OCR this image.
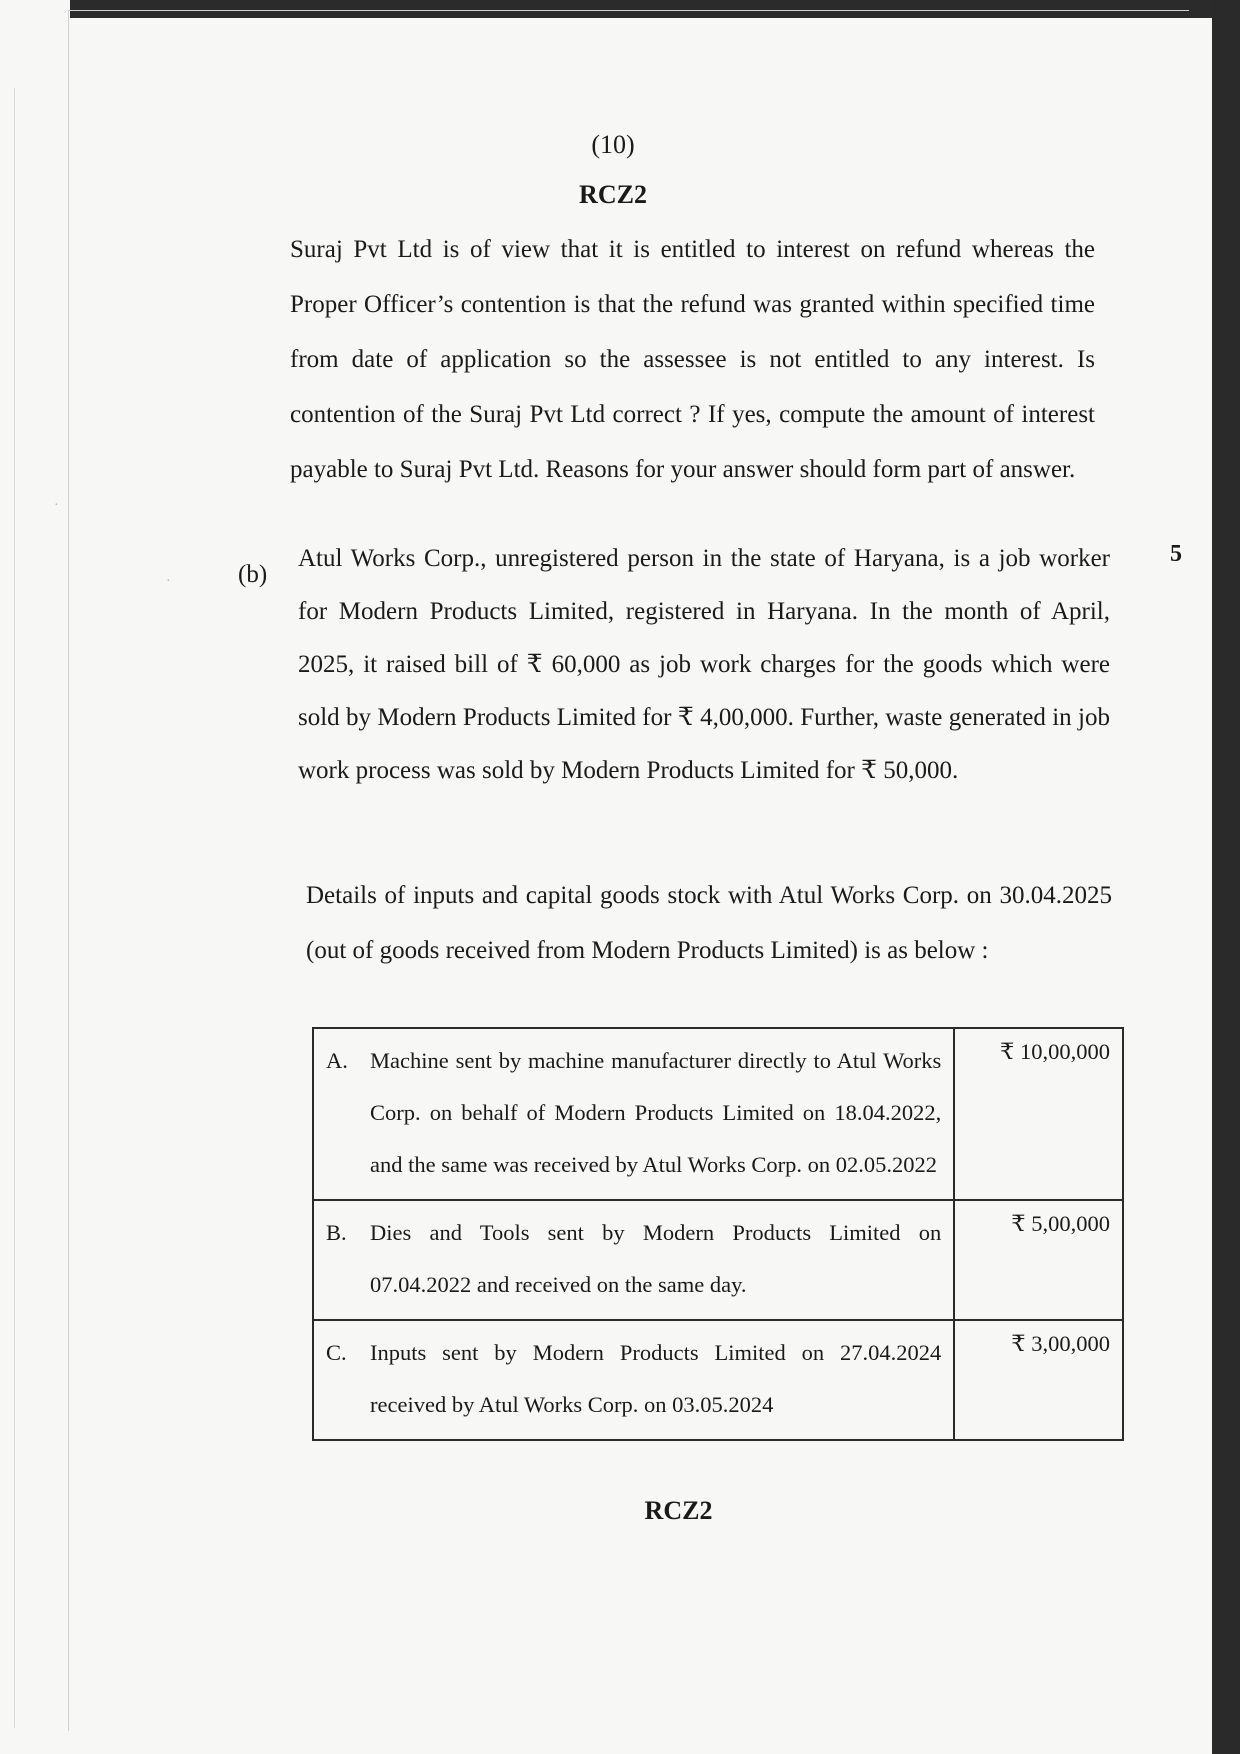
(10)
RCZ2

Suraj Pvt Ltd is of view that it is entitled to interest on refund whereas the Proper Officer’s contention is that the refund was granted within specified time from date of application so the assessee is not entitled to any interest. Is contention of the Suraj Pvt Ltd correct ? If yes, compute the amount of interest payable to Suraj Pvt Ltd. Reasons for your answer should form part of answer.

(b)
5

Atul Works Corp., unregistered person in the state of Haryana, is a job worker for Modern Products Limited, registered in Haryana. In the month of April, 2025, it raised bill of ₹ 60,000 as job work charges for the goods which were sold by Modern Products Limited for ₹ 4,00,000. Further, waste generated in job work process was sold by Modern Products Limited for ₹ 50,000.

Details of inputs and capital goods stock with Atul Works Corp. on 30.04.2025 (out of goods received from Modern Products Limited) is as below :

A. Machine sent by machine manufacturer directly to Atul Works Corp. on behalf of Modern Products Limited on 18.04.2022, and the same was received by Atul Works Corp. on 02.05.2022	₹ 10,00,000

B. Dies and Tools sent by Modern Products Limited on 07.04.2022 and received on the same day.	₹ 5,00,000

C. Inputs sent by Modern Products Limited on 27.04.2024 received by Atul Works Corp. on 03.05.2024	₹ 3,00,000
RCZ2
·
·
